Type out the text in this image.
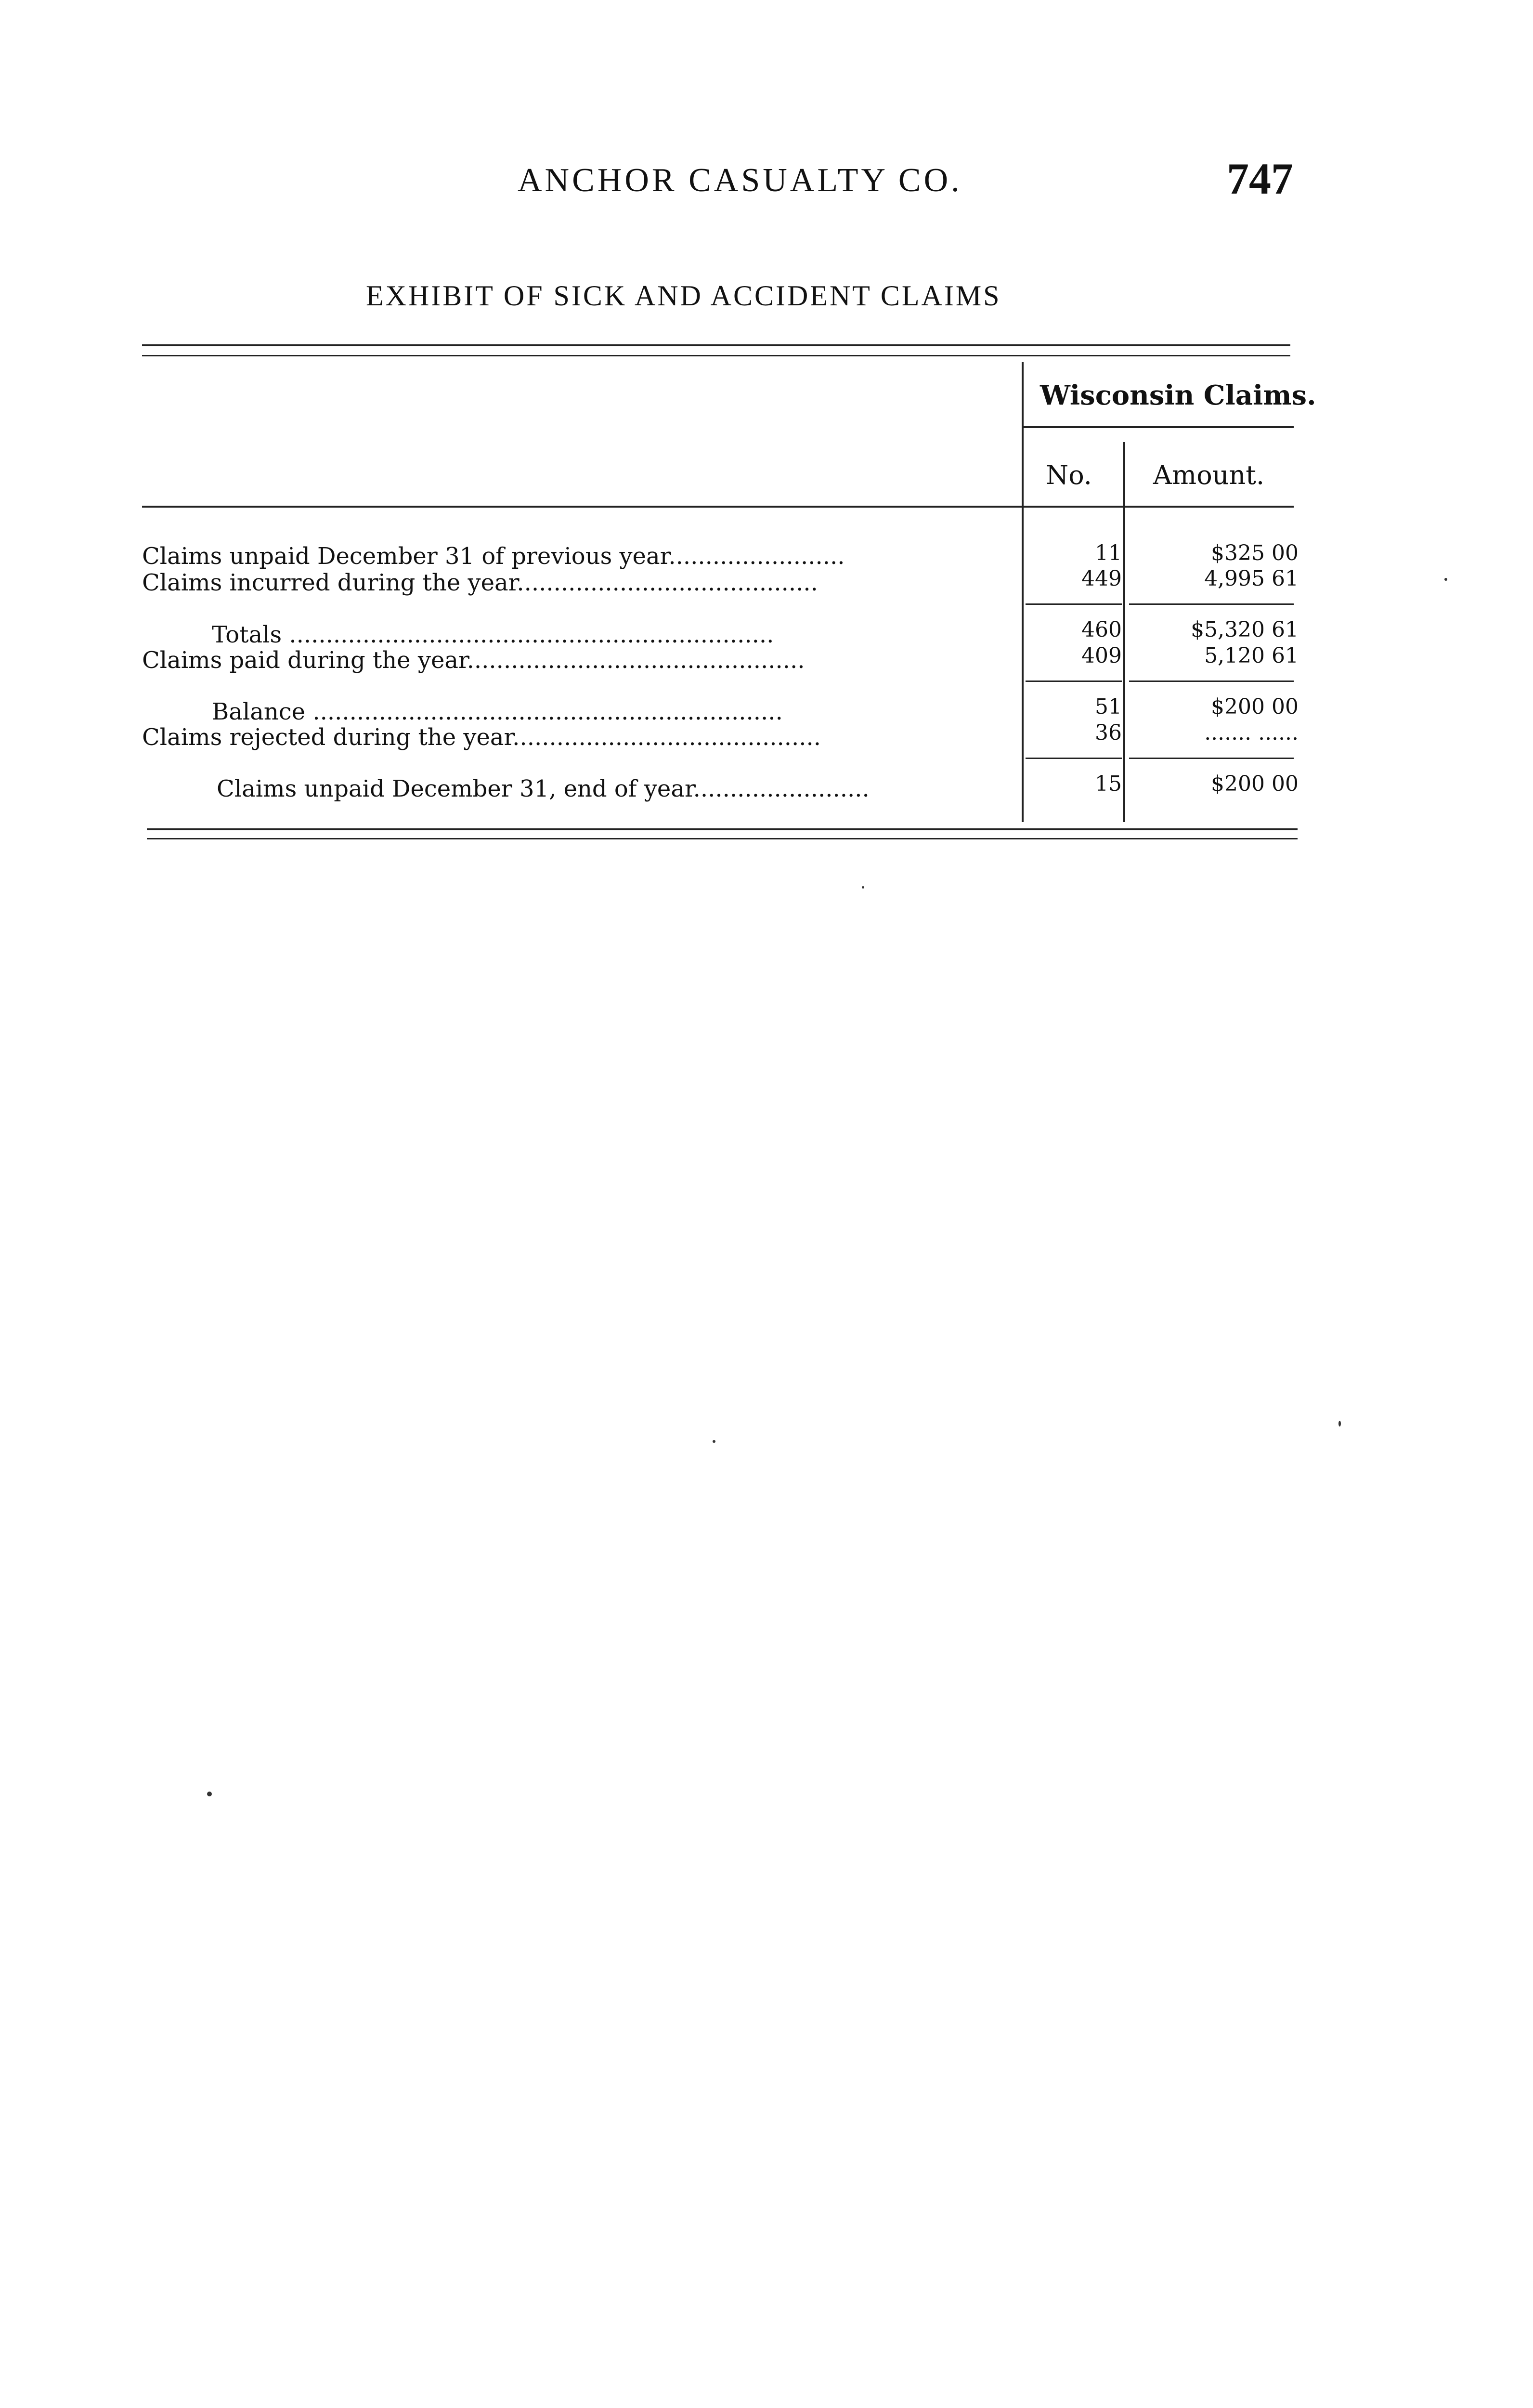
ANCHOR CASUALTY CO.	747
EXHIBIT OF SICK AND ACCIDENT CLAIMS
Wisconsin Claims.
No. Amount.
Claims unpaid December 31 of previous year........................	11	$325 00
Claims incurred during the year.........................................	449	4,995 61
Totals ..................................................................	460	$5,320 61
Claims paid during the year..............................................	409	5,120 61
Balance ................................................................	51	$200 00
Claims rejected during the year..........................................	36	....... ......
Claims unpaid December 31, end of year........................	15	$200 00
